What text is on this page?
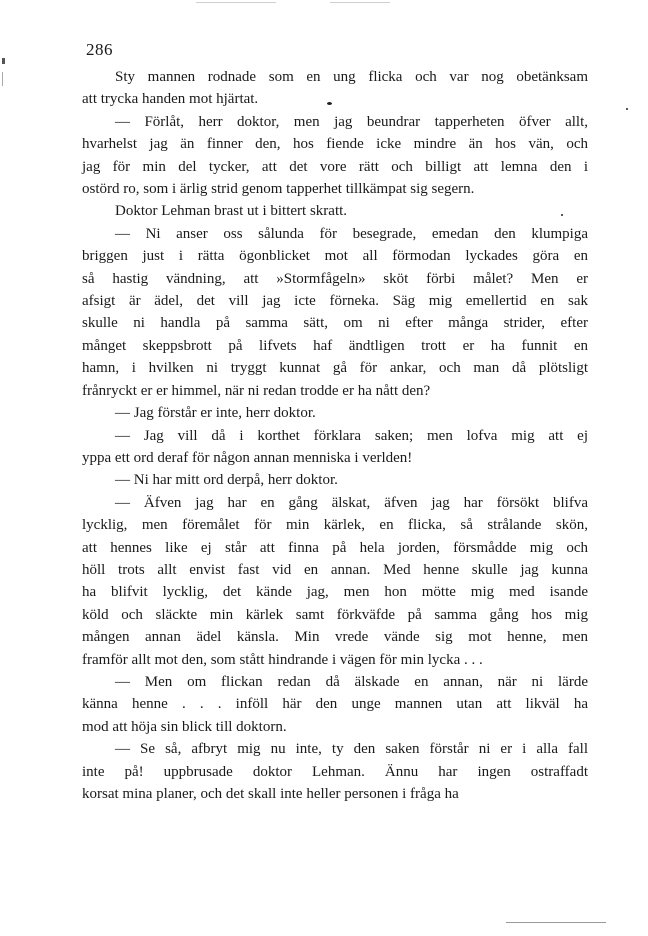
286
Sty mannen rodnade som en ung flicka och var nog obetänksam
att trycka handen mot hjärtat.
— Förlåt, herr doktor, men jag beundrar tapperheten öfver allt,
hvarhelst jag än finner den, hos fiende icke mindre än hos vän, och
jag för min del tycker, att det vore rätt och billigt att lemna den i
ostörd ro, som i ärlig strid genom tapperhet tillkämpat sig segern.
Doktor Lehman brast ut i bittert skratt.
— Ni anser oss sålunda för besegrade, emedan den klumpiga
briggen just i rätta ögonblicket mot all förmodan lyckades göra en
så hastig vändning, att »Stormfågeln» sköt förbi målet? Men er
afsigt är ädel, det vill jag icte förneka. Säg mig emellertid en sak
skulle ni handla på samma sätt, om ni efter många strider, efter
månget skeppsbrott på lifvets haf ändtligen trott er ha funnit en
hamn, i hvilken ni tryggt kunnat gå för ankar, och man då plötsligt
frånryckt er er himmel, när ni redan trodde er ha nått den?
— Jag förstår er inte, herr doktor.
— Jag vill då i korthet förklara saken; men lofva mig att ej
yppa ett ord deraf för någon annan menniska i verlden!
— Ni har mitt ord derpå, herr doktor.
— Äfven jag har en gång älskat, äfven jag har försökt blifva
lycklig, men föremålet för min kärlek, en flicka, så strålande skön,
att hennes like ej står att finna på hela jorden, försmådde mig och
höll trots allt envist fast vid en annan. Med henne skulle jag kunna
ha blifvit lycklig, det kände jag, men hon mötte mig med isande
köld och släckte min kärlek samt förkväfde på samma gång hos mig
mången annan ädel känsla. Min vrede vände sig mot henne, men
framför allt mot den, som stått hindrande i vägen för min lycka . . .
— Men om flickan redan då älskade en annan, när ni lärde
känna henne . . . inföll här den unge mannen utan att likväl ha
mod att höja sin blick till doktorn.
— Se så, afbryt mig nu inte, ty den saken förstår ni er i alla fall
inte på! uppbrusade doktor Lehman. Ännu har ingen ostraffadt
korsat mina planer, och det skall inte heller personen i fråga ha
